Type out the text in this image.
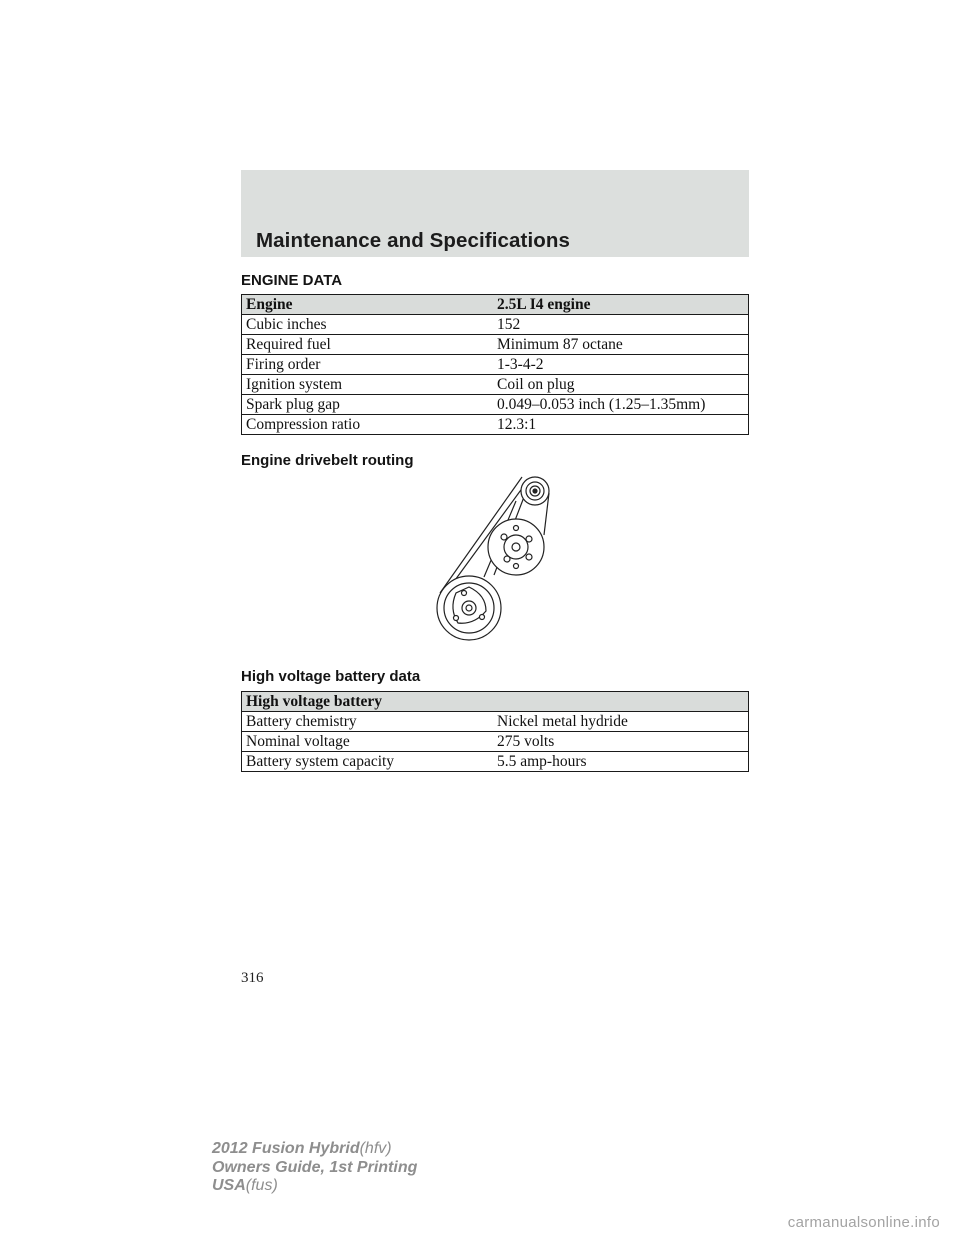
Maintenance and Specifications
ENGINE DATA
Engine	2.5L I4 engine
Cubic inches	152
Required fuel	Minimum 87 octane
Firing order	1-3-4-2
Ignition system	Coil on plug
Spark plug gap	0.049–0.053 inch (1.25–1.35mm)
Compression ratio	12.3:1
Engine drivebelt routing
High voltage battery data
High voltage battery	
Battery chemistry	Nickel metal hydride
Nominal voltage	275 volts
Battery system capacity	5.5 amp-hours
316
2012 Fusion Hybrid(hfv)
Owners Guide, 1st Printing
USA(fus)
carmanualsonline.info
